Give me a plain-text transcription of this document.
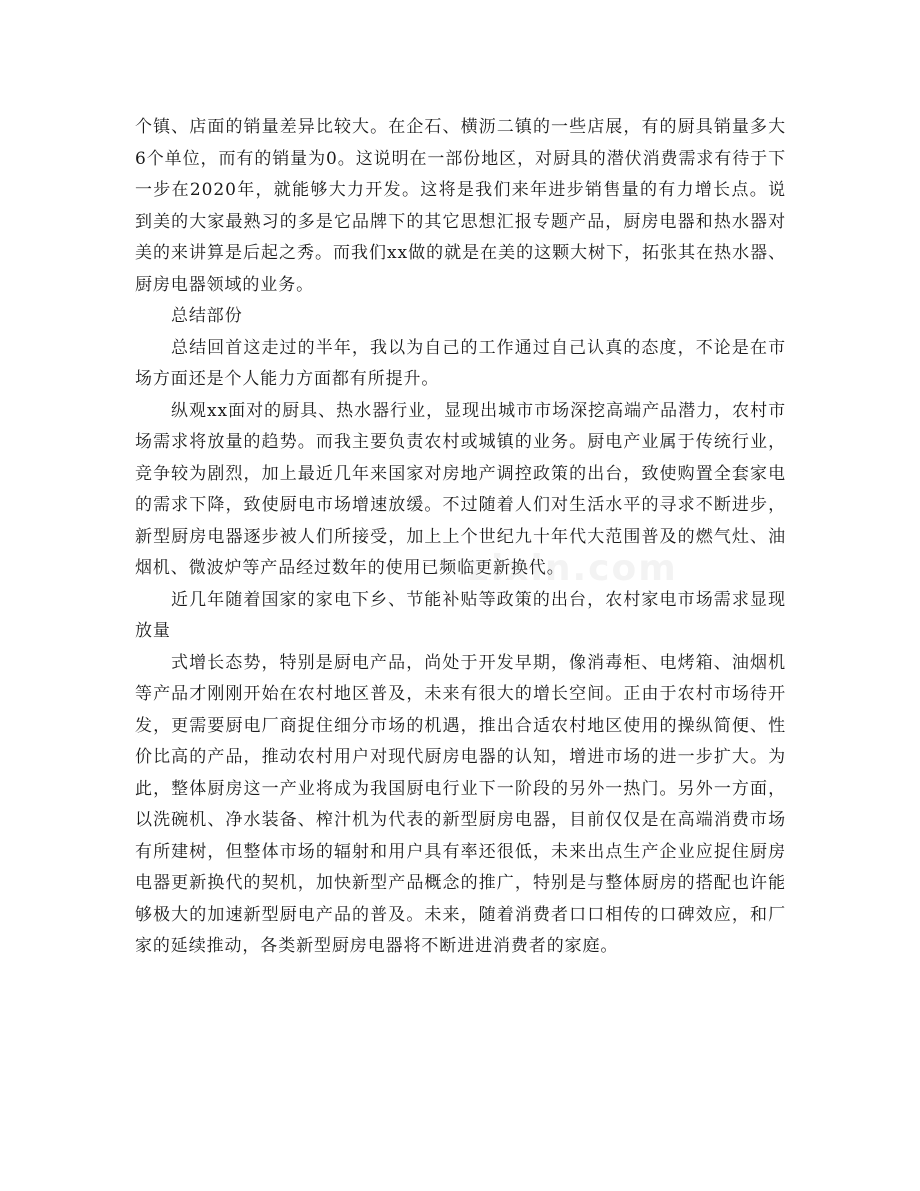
个镇、店面的销量差异比较大。在企石、横沥二镇的一些店展，有的厨具销量多大6个单位，而有的销量为0。这说明在一部份地区，对厨具的潜伏消费需求有待于下一步在2020年，就能够大力开发。这将是我们来年进步销售量的有力增长点。说到美的大家最熟习的多是它品牌下的其它思想汇报专题产品，厨房电器和热水器对美的来讲算是后起之秀。而我们xx做的就是在美的这颗大树下，拓张其在热水器、厨房电器领域的业务。

总结部份

总结回首这走过的半年，我以为自己的工作通过自己认真的态度，不论是在市场方面还是个人能力方面都有所提升。

纵观xx面对的厨具、热水器行业，显现出城市市场深挖高端产品潜力，农村市场需求将放量的趋势。而我主要负责农村或城镇的业务。厨电产业属于传统行业，竞争较为剧烈，加上最近几年来国家对房地产调控政策的出台，致使购置全套家电的需求下降，致使厨电市场增速放缓。不过随着人们对生活水平的寻求不断进步，新型厨房电器逐步被人们所接受，加上上个世纪九十年代大范围普及的燃气灶、油烟机、微波炉等产品经过数年的使用已频临更新换代。

近几年随着国家的家电下乡、节能补贴等政策的出台，农村家电市场需求显现放量

式增长态势，特别是厨电产品，尚处于开发早期，像消毒柜、电烤箱、油烟机等产品才刚刚开始在农村地区普及，未来有很大的增长空间。正由于农村市场待开发，更需要厨电厂商捉住细分市场的机遇，推出合适农村地区使用的操纵简便、性价比高的产品，推动农村用户对现代厨房电器的认知，增进市场的进一步扩大。为此，整体厨房这一产业将成为我国厨电行业下一阶段的另外一热门。另外一方面，以洗碗机、净水装备、榨汁机为代表的新型厨房电器，目前仅仅是在高端消费市场有所建树，但整体市场的辐射和用户具有率还很低，未来出点生产企业应捉住厨房电器更新换代的契机，加快新型产品概念的推广，特别是与整体厨房的搭配也许能够极大的加速新型厨电产品的普及。未来，随着消费者口口相传的口碑效应，和厂家的延续推动，各类新型厨房电器将不断进进消费者的家庭。

zixin.com
